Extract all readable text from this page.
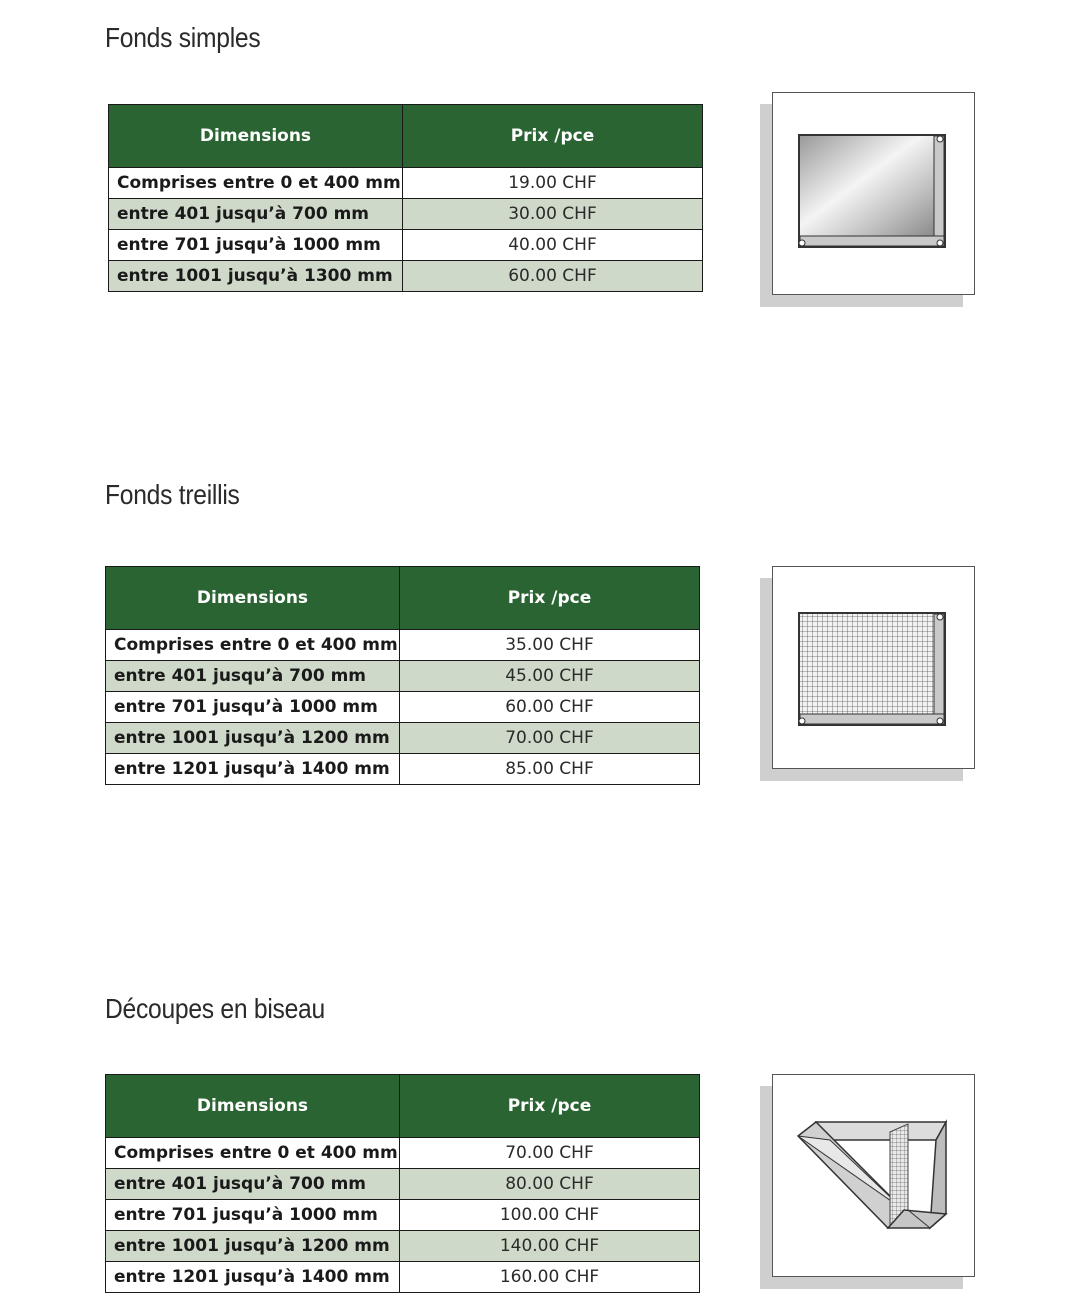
Fonds simples
Dimensions	Prix /pce
Comprises entre 0 et 400 mm	19.00 CHF
entre 401 jusqu’à 700 mm	30.00 CHF
entre 701 jusqu’à 1000 mm	40.00 CHF
entre 1001 jusqu’à 1300 mm	60.00 CHF
Fonds treillis
Dimensions	Prix /pce
Comprises entre 0 et 400 mm	35.00 CHF
entre 401 jusqu’à 700 mm	45.00 CHF
entre 701 jusqu’à 1000 mm	60.00 CHF
entre 1001 jusqu’à 1200 mm	70.00 CHF
entre 1201 jusqu’à 1400 mm	85.00 CHF
Découpes en biseau
Dimensions	Prix /pce
Comprises entre 0 et 400 mm	70.00 CHF
entre 401 jusqu’à 700 mm	80.00 CHF
entre 701 jusqu’à 1000 mm	100.00 CHF
entre 1001 jusqu’à 1200 mm	140.00 CHF
entre 1201 jusqu’à 1400 mm	160.00 CHF
